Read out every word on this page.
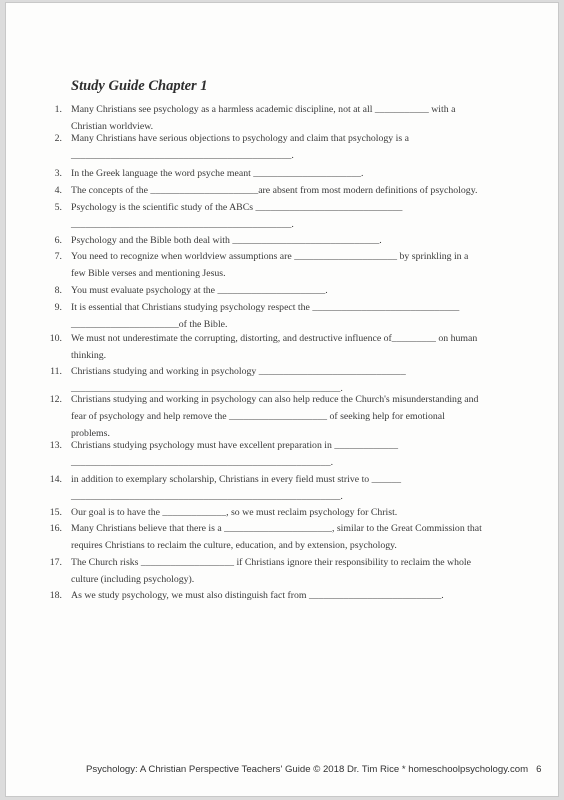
Study Guide Chapter 1
1. Many Christians see psychology as a harmless academic discipline, not at all ___________ with a
Christian worldview.
2. Many Christians have serious objections to psychology and claim that psychology is a
_____________________________________________.
3. In the Greek language the word psyche meant ______________________.
4. The concepts of the ______________________are absent from most modern definitions of psychology.
5. Psychology is the scientific study of the ABCs ______________________________
_____________________________________________.
6. Psychology and the Bible both deal with ______________________________.
7. You need to recognize when worldview assumptions are _____________________ by sprinkling in a
few Bible verses and mentioning Jesus.
8. You must evaluate psychology at the ______________________.
9. It is essential that Christians studying psychology respect the ______________________________
______________________of the Bible.
10. We must not underestimate the corrupting, distorting, and destructive influence of_________ on human
thinking.
11. Christians studying and working in psychology ______________________________
_______________________________________________________.
12. Christians studying and working in psychology can also help reduce the Church's misunderstanding and
fear of psychology and help remove the ____________________ of seeking help for emotional
problems.
13. Christians studying psychology must have excellent preparation in _____________
_____________________________________________________.
14. in addition to exemplary scholarship, Christians in every field must strive to ______
_______________________________________________________.
15. Our goal is to have the _____________, so we must reclaim psychology for Christ.
16. Many Christians believe that there is a ______________________, similar to the Great Commission that
requires Christians to reclaim the culture, education, and by extension, psychology.
17. The Church risks ___________________ if Christians ignore their responsibility to reclaim the whole
culture (including psychology).
18. As we study psychology, we must also distinguish fact from ___________________________.
Psychology: A Christian Perspective Teachers' Guide © 2018 Dr. Tim Rice * homeschoolpsychology.com 6
